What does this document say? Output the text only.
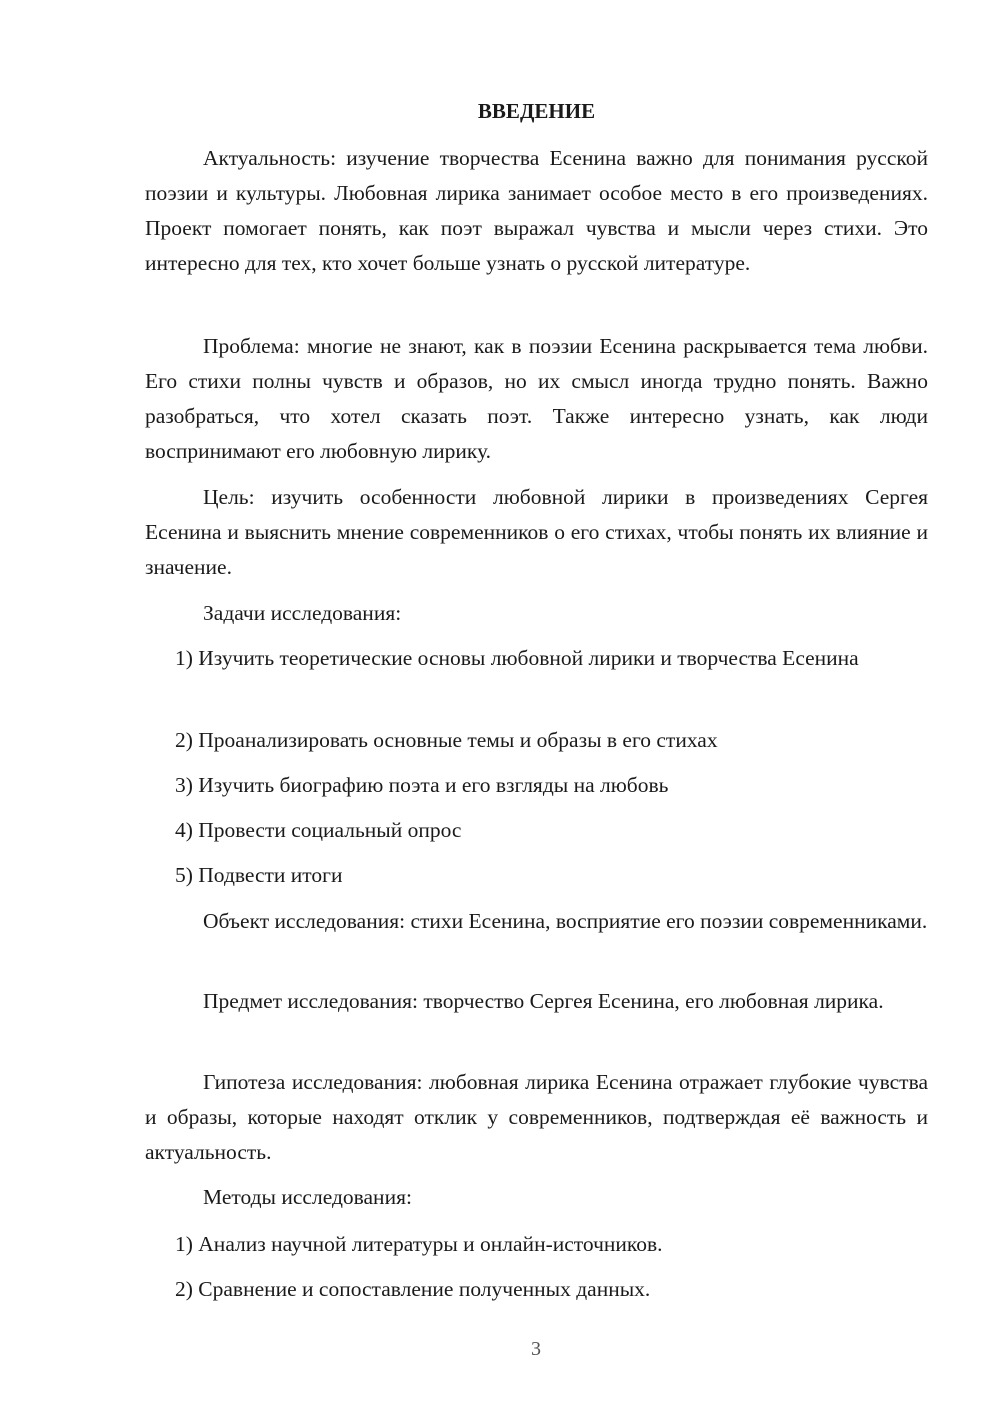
ВВЕДЕНИЕ
Актуальность: изучение творчества Есенина важно для понимания русской поэзии и культуры. Любовная лирика занимает особое место в его произведениях. Проект помогает понять, как поэт выражал чувства и мысли через стихи. Это интересно для тех, кто хочет больше узнать о русской литературе.
Проблема: многие не знают, как в поэзии Есенина раскрывается тема любви. Его стихи полны чувств и образов, но их смысл иногда трудно понять. Важно разобраться, что хотел сказать поэт. Также интересно узнать, как люди воспринимают его любовную лирику.
Цель: изучить особенности любовной лирики в произведениях Сергея Есенина и выяснить мнение современников о его стихах, чтобы понять их влияние и значение.
Задачи исследования:
1) Изучить теоретические основы любовной лирики и творчества Есенина
2) Проанализировать основные темы и образы в его стихах
3) Изучить биографию поэта и его взгляды на любовь
4) Провести социальный опрос
5) Подвести итоги
Объект исследования: стихи Есенина, восприятие его поэзии современниками.
Предмет исследования: творчество Сергея Есенина, его любовная лирика.
Гипотеза исследования: любовная лирика Есенина отражает глубокие чувства и образы, которые находят отклик у современников, подтверждая её важность и актуальность.
Методы исследования:
1) Анализ научной литературы и онлайн-источников.
2) Сравнение и сопоставление полученных данных.
3
